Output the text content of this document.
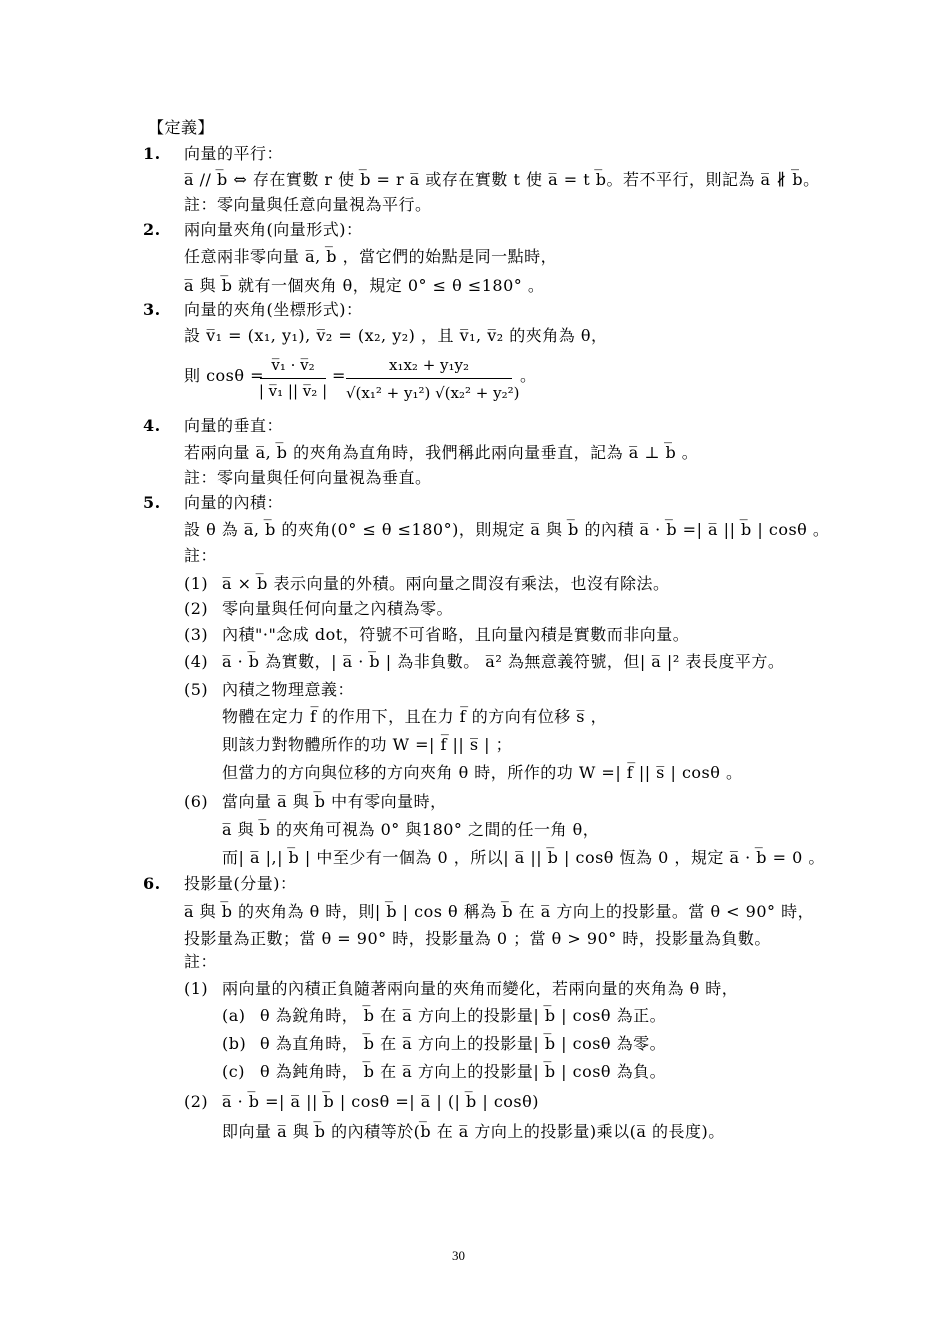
【定義】
1. 向量的平行：
a̅ // b̅ ⇔ 存在實數 r 使 b̅ = r a̅ 或存在實數 t 使 a̅ = t b̅。若不平行，則記為 a̅ ∦ b̅。
註：零向量與任意向量視為平行。
2. 兩向量夾角(向量形式)：
任意兩非零向量 a̅, b̅ ，當它們的始點是同一點時，
a̅ 與 b̅ 就有一個夾角 θ，規定 0° ≤ θ ≤180° 。
3. 向量的夾角(坐標形式)：
設 v̅₁ = (x₁, y₁), v̅₂ = (x₂, y₂) ，且 v̅₁, v̅₂ 的夾角為 θ，
則 cosθ =
v̅₁ · v̅₂
| v̅₁ || v̅₂ |
=
x₁x₂ + y₁y₂
√(x₁² + y₁²) √(x₂² + y₂²)
。
4. 向量的垂直：
若兩向量 a̅, b̅ 的夾角為直角時，我們稱此兩向量垂直，記為 a̅ ⊥ b̅ 。
註：零向量與任何向量視為垂直。
5. 向量的內積：
設 θ 為 a̅, b̅ 的夾角(0° ≤ θ ≤180°)，則規定 a̅ 與 b̅ 的內積 a̅ · b̅ =| a̅ || b̅ | cosθ 。
註：
(1) a̅ × b̅ 表示向量的外積。兩向量之間沒有乘法，也沒有除法。
(2) 零向量與任何向量之內積為零。
(3) 內積"·"念成 dot，符號不可省略，且向量內積是實數而非向量。
(4) a̅ · b̅ 為實數，| a̅ · b̅ | 為非負數。 a̅² 為無意義符號，但| a̅ |² 表長度平方。
(5) 內積之物理意義：
物體在定力 f̅ 的作用下，且在力 f̅ 的方向有位移 s̅ ，
則該力對物體所作的功 W =| f̅ || s̅ | ；
但當力的方向與位移的方向夾角 θ 時，所作的功 W =| f̅ || s̅ | cosθ 。
(6) 當向量 a̅ 與 b̅ 中有零向量時，
a̅ 與 b̅ 的夾角可視為 0° 與180° 之間的任一角 θ，
而| a̅ |,| b̅ | 中至少有一個為 0 ，所以| a̅ || b̅ | cosθ 恆為 0 ，規定 a̅ · b̅ = 0 。
6. 投影量(分量)：
a̅ 與 b̅ 的夾角為 θ 時，則| b̅ | cos θ 稱為 b̅ 在 a̅ 方向上的投影量。當 θ < 90° 時，
投影量為正數；當 θ = 90° 時，投影量為 0 ；當 θ > 90° 時，投影量為負數。
註：
(1) 兩向量的內積正負隨著兩向量的夾角而變化，若兩向量的夾角為 θ 時，
(a) θ 為銳角時， b̅ 在 a̅ 方向上的投影量| b̅ | cosθ 為正。
(b) θ 為直角時， b̅ 在 a̅ 方向上的投影量| b̅ | cosθ 為零。
(c) θ 為鈍角時， b̅ 在 a̅ 方向上的投影量| b̅ | cosθ 為負。
(2) a̅ · b̅ =| a̅ || b̅ | cosθ =| a̅ | (| b̅ | cosθ)
即向量 a̅ 與 b̅ 的內積等於(b̅ 在 a̅ 方向上的投影量)乘以(a̅ 的長度)。
30
